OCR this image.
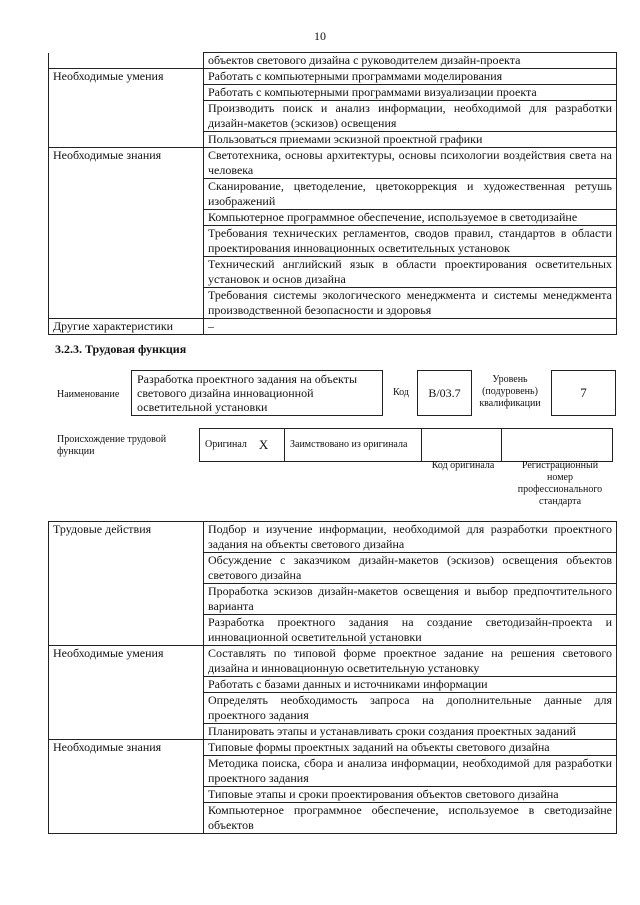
10
	объектов светового дизайна с руководителем дизайн-проекта
Необходимые умения	Работать с компьютерными программами моделирования
	Работать с компьютерными программами визуализации проекта
	Производить поиск и анализ информации, необходимой для разработки дизайн-макетов (эскизов) освещения
	Пользоваться приемами эскизной проектной графики
Необходимые знания	Светотехника, основы архитектуры, основы психологии воздействия света на человека
	Сканирование, цветоделение, цветокоррекция и художественная ретушь изображений
	Компьютерное программное обеспечение, используемое в светодизайне
	Требования технических регламентов, сводов правил, стандартов в области проектирования инновационных осветительных установок
	Технический английский язык в области проектирования осветительных установок и основ дизайна
	Требования системы экологического менеджмента и системы менеджмента производственной безопасности и здоровья
Другие характеристики	–
3.2.3. Трудовая функция
Наименование
Разработка проектного задания на объекты светового дизайна инновационной осветительной установки
Код	B/03.7
Уровень (подуровень) квалификации
7
Происхождение трудовой функции
Оригинал X Заимствовано из оригинала
Код оригинала	Регистрационный номер профессионального стандарта
Трудовые действия	Подбор и изучение информации, необходимой для разработки проектного задания на объекты светового дизайна
	Обсуждение с заказчиком дизайн-макетов (эскизов) освещения объектов светового дизайна
	Проработка эскизов дизайн-макетов освещения и выбор предпочтительного варианта
	Разработка проектного задания на создание светодизайн-проекта и инновационной осветительной установки
Необходимые умения	Составлять по типовой форме проектное задание на решения светового дизайна и инновационную осветительную установку
	Работать с базами данных и источниками информации
	Определять необходимость запроса на дополнительные данные для проектного задания
	Планировать этапы и устанавливать сроки создания проектных заданий
Необходимые знания	Типовые формы проектных заданий на объекты светового дизайна
	Методика поиска, сбора и анализа информации, необходимой для разработки проектного задания
	Типовые этапы и сроки проектирования объектов светового дизайна
	Компьютерное программное обеспечение, используемое в светодизайне объектов
